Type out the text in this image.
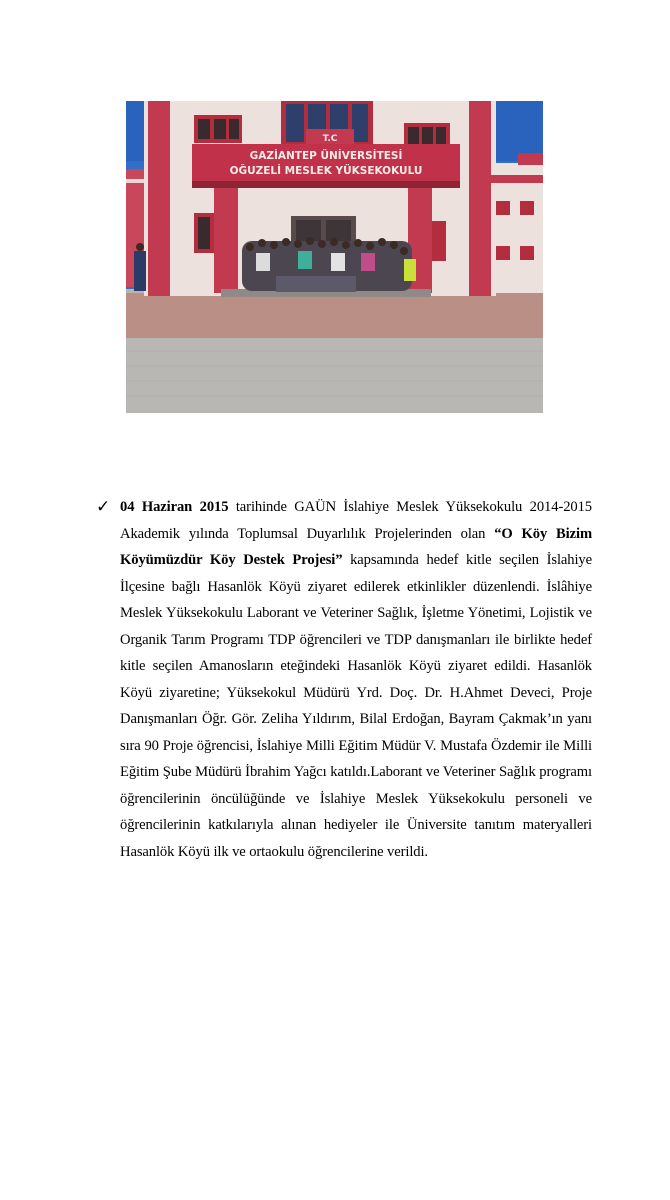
T.C
GAZİANTEP ÜNİVERSİTESİ
OĞUZELİ MESLEK YÜKSEKOKULU
✓ 04 Haziran 2015 tarihinde GAÜN İslahiye Meslek Yüksekokulu 2014-2015 Akademik yılında Toplumsal Duyarlılık Projelerinden olan “O Köy Bizim Köyümüzdür Köy Destek Projesi” kapsamında hedef kitle seçilen İslahiye İlçesine bağlı Hasanlök Köyü ziyaret edilerek etkinlikler düzenlendi. İslâhiye Meslek Yüksekokulu Laborant ve Veteriner Sağlık, İşletme Yönetimi, Lojistik ve Organik Tarım Programı TDP öğrencileri ve TDP danışmanları ile birlikte hedef kitle seçilen Amanosların eteğindeki Hasanlök Köyü ziyaret edildi. Hasanlök Köyü ziyaretine; Yüksekokul Müdürü Yrd. Doç. Dr. H.Ahmet Deveci, Proje Danışmanları Öğr. Gör. Zeliha Yıldırım, Bilal Erdoğan, Bayram Çakmak’ın yanı sıra 90 Proje öğrencisi, İslahiye Milli Eğitim Müdür V. Mustafa Özdemir ile Milli Eğitim Şube Müdürü İbrahim Yağcı katıldı.Laborant ve Veteriner Sağlık programı öğrencilerinin öncülüğünde ve İslahiye Meslek Yüksekokulu personeli ve öğrencilerinin katkılarıyla alınan hediyeler ile Üniversite tanıtım materyalleri Hasanlök Köyü ilk ve ortaokulu öğrencilerine verildi.
